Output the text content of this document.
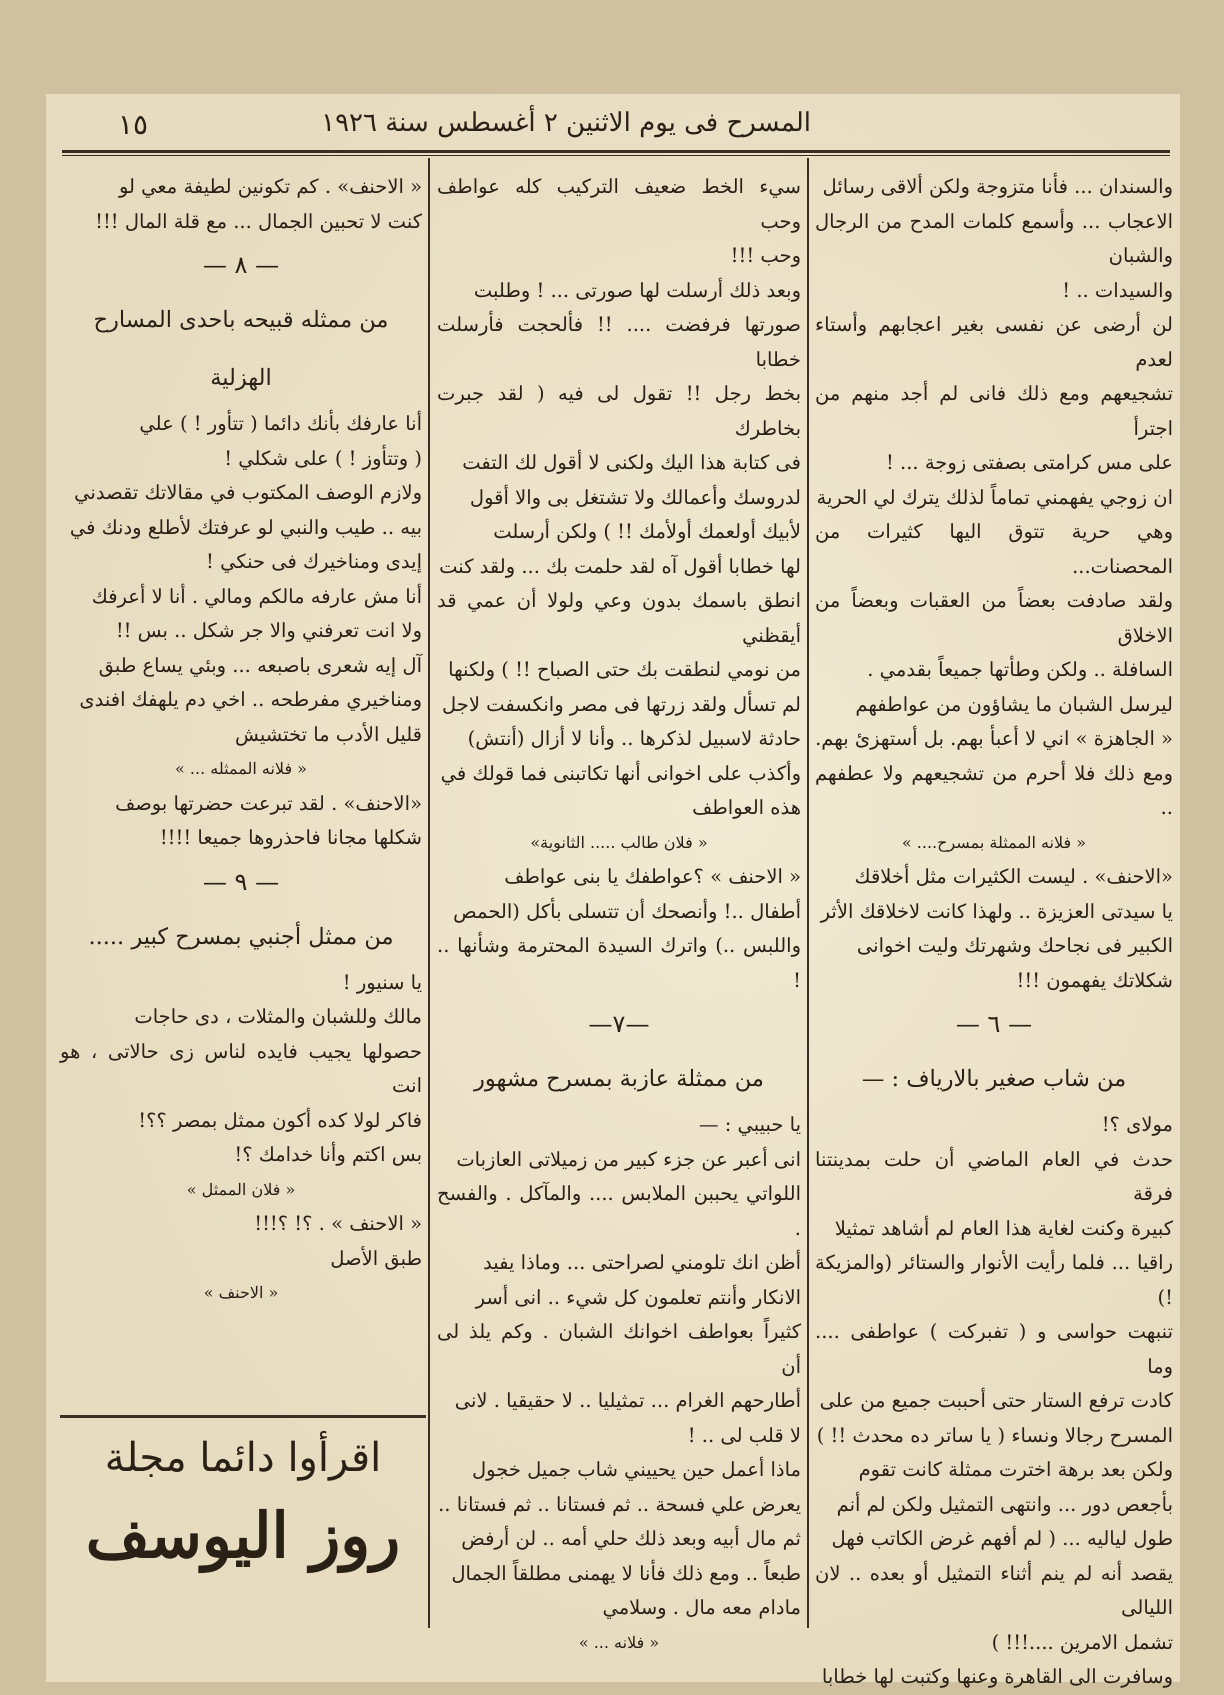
١٥	المسرح فى يوم الاثنين ٢ أغسطس سنة ١٩٢٦

والسندان ... فأنا متزوجة ولكن ألاقى رسائل

الاعجاب ... وأسمع كلمات المدح من الرجال والشبان

والسيدات .. !

لن أرضى عن نفسى بغير اعجابهم وأستاء لعدم

تشجيعهم ومع ذلك فانى لم أجد منهم من اجترأ

على مس كرامتى بصفتى زوجة ... !

ان زوجي يفهمني تماماً لذلك يترك لي الحرية

وهي حرية تتوق اليها كثيرات من المحصنات...

ولقد صادفت بعضاً من العقبات وبعضاً من الاخلاق

السافلة .. ولكن وطأتها جميعاً بقدمي .

ليرسل الشبان ما يشاؤون من عواطفهم

« الجاهزة » اني لا أعبأ بهم. بل أستهزئ بهم.

ومع ذلك فلا أحرم من تشجيعهم ولا عطفهم ..

« فلانه الممثلة بمسرح.... »

«الاحنف» . ليست الكثيرات مثل أخلاقك

يا سيدتى العزيزة .. ولهذا كانت لاخلاقك الأثر

الكبير فى نجاحك وشهرتك وليت اخوانى

شكلاتك يفهمون !!!

— ٦ —

من شاب صغير بالارياف : —

مولاى ؟!

حدث في العام الماضي أن حلت بمدينتنا فرقة

كبيرة وكنت لغاية هذا العام لم أشاهد تمثيلا

راقيا ... فلما رأيت الأنوار والستائر (والمزيكة !)

تنبهت حواسى و ( تفبركت ) عواطفى .... وما

كادت ترفع الستار حتى أحببت جميع من على

المسرح رجالا ونساء ( يا ساتر ده محدث !! )

ولكن بعد برهة اخترت ممثلة كانت تقوم

بأجعص دور ... وانتهى التمثيل ولكن لم أنم

طول لياليه ... ( لم أفهم غرض الكاتب فهل

يقصد أنه لم ينم أثناء التمثيل أو بعده .. لان الليالى

تشمل الامرين ....!!! )

وسافرت الى القاهرة وعنها وكتبت لها خطابا

سيء الخط ضعيف التركيب كله عواطف وحب

وحب !!!

وبعد ذلك أرسلت لها صورتى ... ! وطلبت

صورتها فرفضت .... !! فألحجت فأرسلت خطابا

بخط رجل !! تقول لى فيه ( لقد جبرت بخاطرك

فى كتابة هذا اليك ولكنى لا أقول لك التفت

لدروسك وأعمالك ولا تشتغل بى والا أقول

لأبيك أولعمك أولأمك !! ) ولكن أرسلت

لها خطابا أقول آه لقد حلمت بك ... ولقد كنت

انطق باسمك بدون وعي ولولا أن عمي قد أيقظني

من نومي لنطقت بك حتى الصباح !! ) ولكنها

لم تسأل ولقد زرتها فى مصر وانكسفت لاجل

حادثة لاسبيل لذكرها .. وأنا لا أزال (أنتش)

وأكذب على اخوانى أنها تكاتبنى فما قولك في

هذه العواطف

« فلان طالب ..... الثانوية»

« الاحنف » ؟عواطفك يا بنى عواطف

أطفال ..! وأنصحك أن تتسلى بأكل (الحمص

واللبس ..) واترك السيدة المحترمة وشأنها .. !

—٧—

من ممثلة عازبة بمسرح مشهور

يا حبيبي : —

انى أعبر عن جزء كبير من زميلاتى العازبات

اللواتي يحببن الملابس .... والمآكل . والفسح .

أظن انك تلومني لصراحتى ... وماذا يفيد

الانكار وأنتم تعلمون كل شيء .. انى أسر

كثيراً بعواطف اخوانك الشبان . وكم يلذ لى أن

أطارحهم الغرام ... تمثيليا .. لا حقيقيا . لانى

لا قلب لى .. !

ماذا أعمل حين يحييني شاب جميل خجول

يعرض علي فسحة .. ثم فستانا .. ثم فستانا ..

ثم مال أبيه وبعد ذلك حلي أمه .. لن أرفض

طبعاً .. ومع ذلك فأنا لا يهمنى مطلقاً الجمال

مادام معه مال . وسلامي

« فلانه ... »

« الاحنف» . كم تكونين لطيفة معي لو

كنت لا تحبين الجمال ... مع قلة المال !!!

— ٨ —

من ممثله قبيحه باحدى المسارح الهزلية

أنا عارفك بأنك دائما ( تتأور ! ) علي

( وتتأوز ! ) على شكلي !

ولازم الوصف المكتوب في مقالاتك تقصدني

بيه .. طيب والنبي لو عرفتك لأطلع ودنك في

إيدى ومناخيرك فى حنكي !

أنا مش عارفه مالكم ومالي . أنا لا أعرفك

ولا انت تعرفني والا جر شكل .. بس !!

آل إيه شعرى باصبعه ... وبئي يساع طبق

ومناخيري مفرطحه .. اخي دم يلهفك افندى

قليل الأدب ما تختشيش

« فلانه الممثله ... »

«الاحنف» . لقد تبرعت حضرتها بوصف

شكلها مجانا فاحذروها جميعا !!!!

— ٩ —

من ممثل أجنبي بمسرح كبير .....

يا سنيور !

مالك وللشبان والمثلات ، دى حاجات

حصولها يجيب فايده لناس زى حالاتى ، هو انت

فاكر لولا كده أكون ممثل بمصر ؟؟!

بس اكتم وأنا خدامك ؟!

« فلان الممثل »

« الاحنف » . ؟! ؟!!!

طبق الأصل

« الاحنف »

اقرأوا دائما مجلة
روز اليوسف
